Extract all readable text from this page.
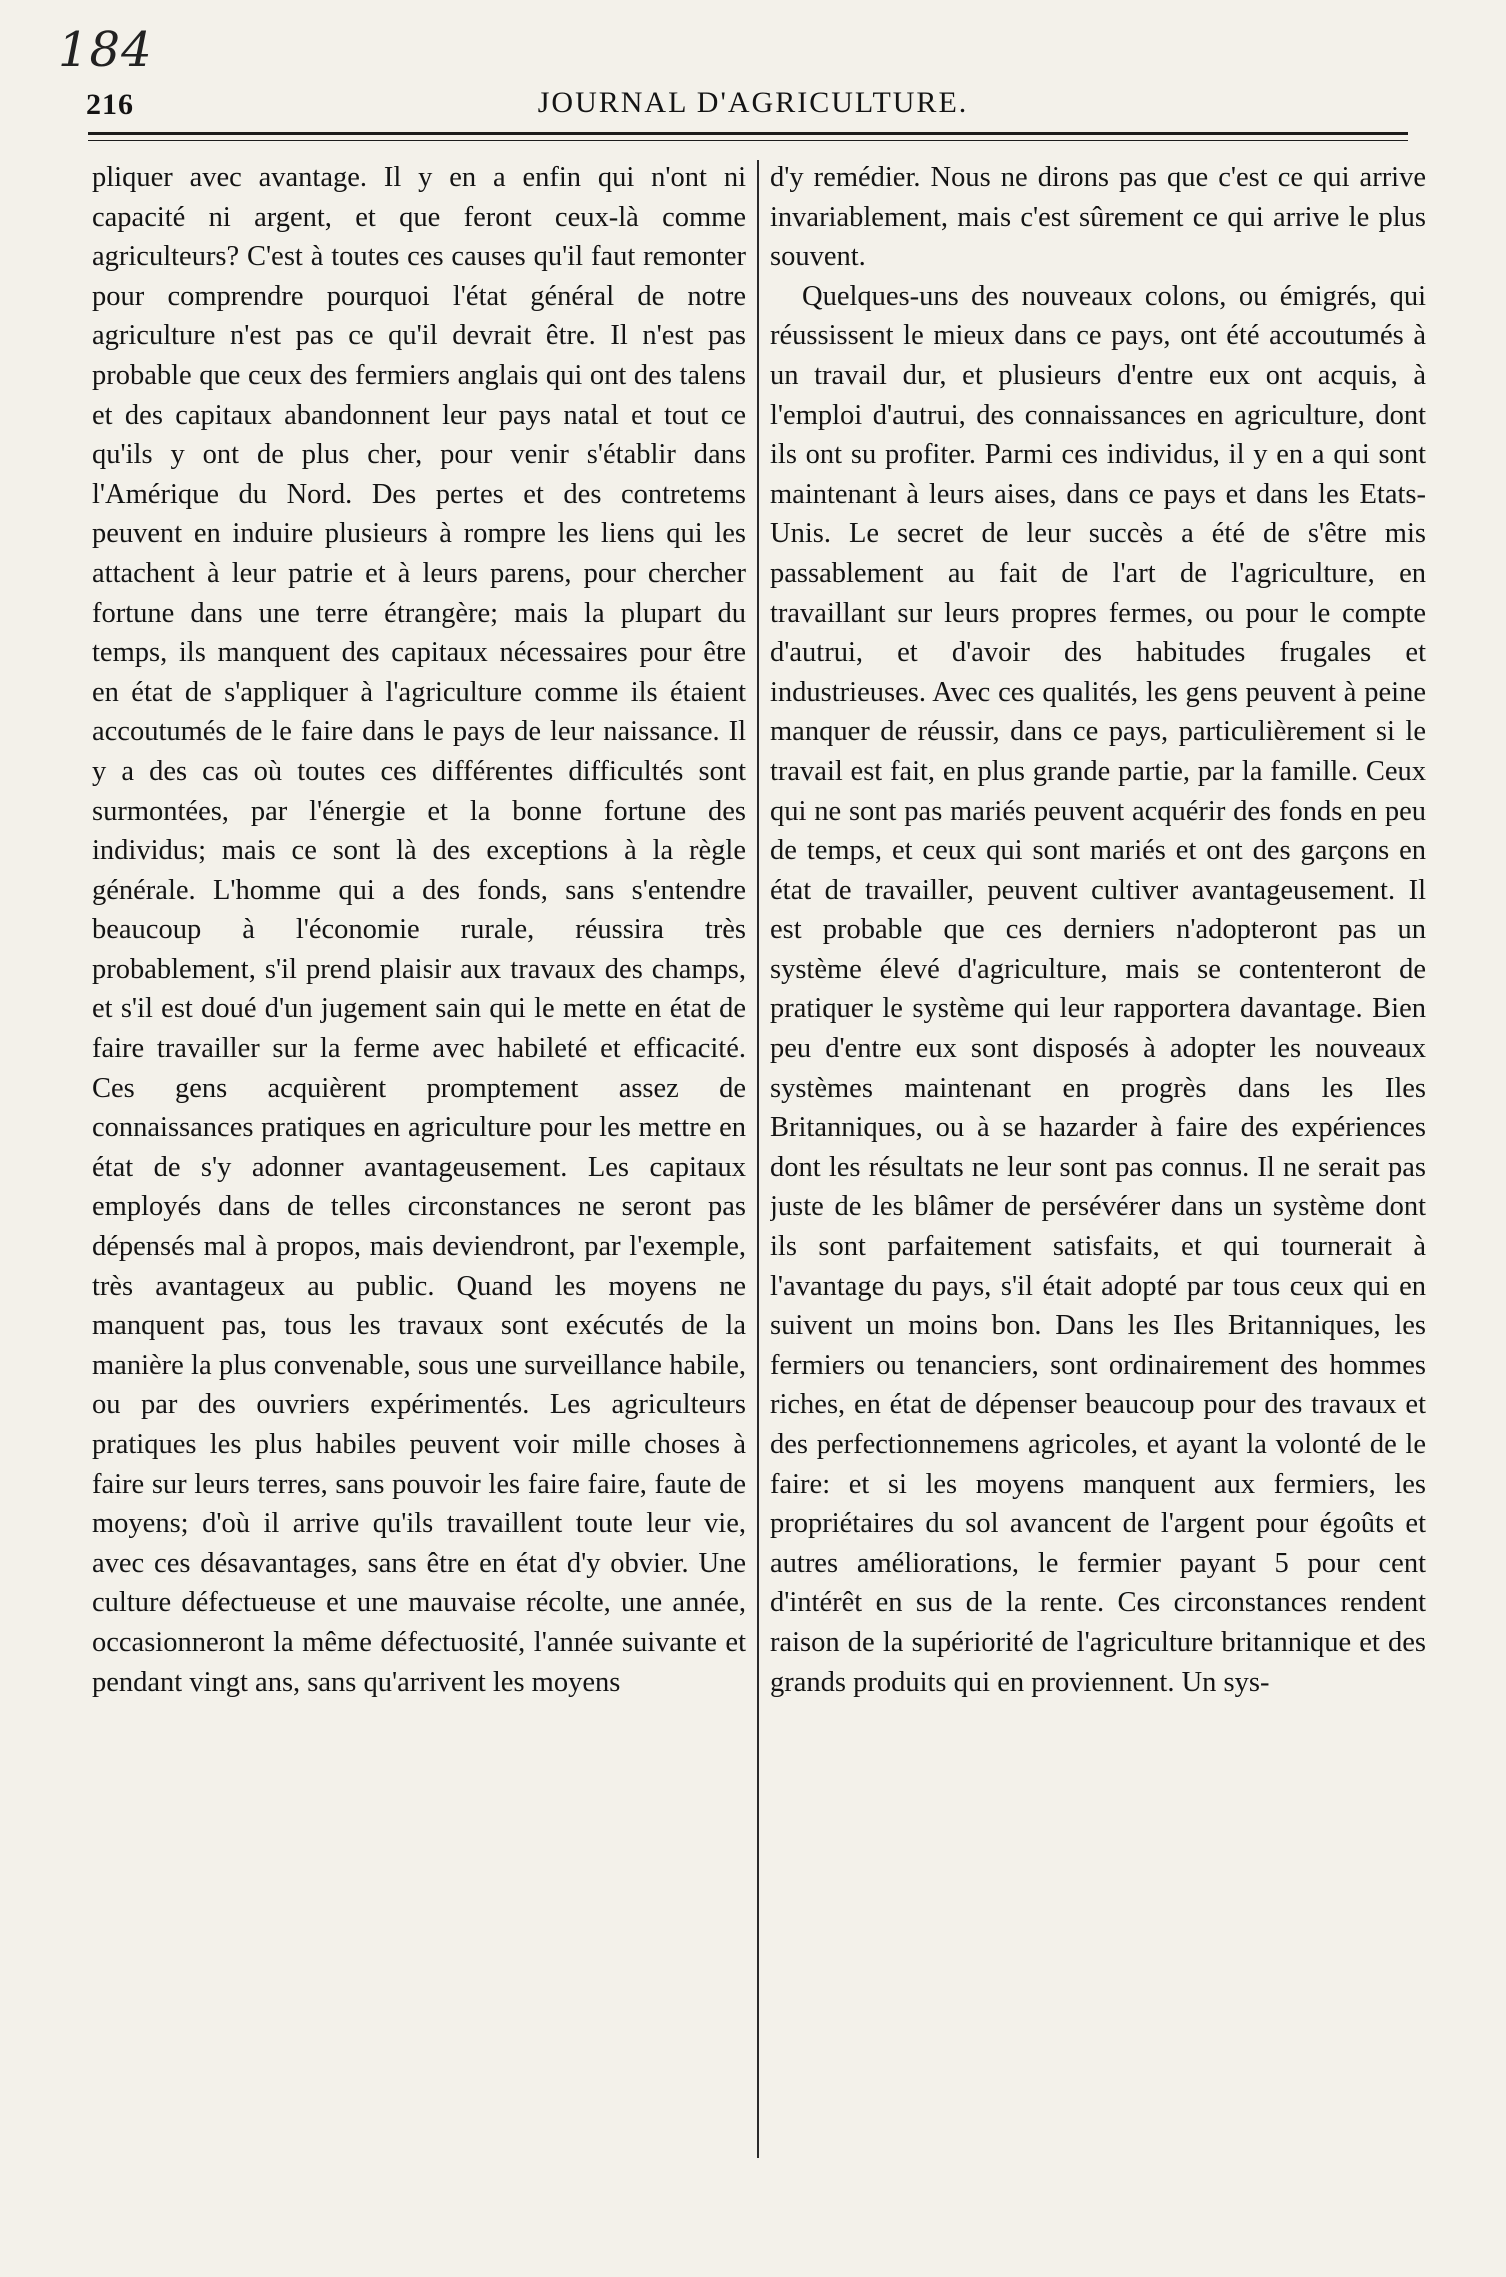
184
216	JOURNAL D'AGRICULTURE.

pliquer avec avantage. Il y en a enfin qui n'ont ni capacité ni argent, et que feront ceux-là comme agriculteurs? C'est à toutes ces causes qu'il faut remonter pour comprendre pourquoi l'état général de notre agriculture n'est pas ce qu'il devrait être. Il n'est pas probable que ceux des fermiers anglais qui ont des talens et des capitaux abandonnent leur pays natal et tout ce qu'ils y ont de plus cher, pour venir s'établir dans l'Amérique du Nord. Des pertes et des contretems peuvent en induire plusieurs à rompre les liens qui les attachent à leur patrie et à leurs parens, pour chercher fortune dans une terre étrangère; mais la plupart du temps, ils manquent des capitaux nécessaires pour être en état de s'appliquer à l'agriculture comme ils étaient accoutumés de le faire dans le pays de leur naissance. Il y a des cas où toutes ces différentes difficultés sont surmontées, par l'énergie et la bonne fortune des individus; mais ce sont là des exceptions à la règle générale. L'homme qui a des fonds, sans s'entendre beaucoup à l'économie rurale, réussira très probablement, s'il prend plaisir aux travaux des champs, et s'il est doué d'un jugement sain qui le mette en état de faire travailler sur la ferme avec habileté et efficacité. Ces gens acquièrent promptement assez de connaissances pratiques en agriculture pour les mettre en état de s'y adonner avantageusement. Les capitaux employés dans de telles circonstances ne seront pas dépensés mal à propos, mais deviendront, par l'exemple, très avantageux au public. Quand les moyens ne manquent pas, tous les travaux sont exécutés de la manière la plus convenable, sous une surveillance habile, ou par des ouvriers expérimentés. Les agriculteurs pratiques les plus habiles peuvent voir mille choses à faire sur leurs terres, sans pouvoir les faire faire, faute de moyens; d'où il arrive qu'ils travaillent toute leur vie, avec ces désavantages, sans être en état d'y obvier. Une culture défectueuse et une mauvaise récolte, une année, occasionneront la même défectuosité, l'année suivante et pendant vingt ans, sans qu'arrivent les moyens

d'y remédier. Nous ne dirons pas que c'est ce qui arrive invariablement, mais c'est sûrement ce qui arrive le plus souvent.

Quelques-uns des nouveaux colons, ou émigrés, qui réussissent le mieux dans ce pays, ont été accoutumés à un travail dur, et plusieurs d'entre eux ont acquis, à l'emploi d'autrui, des connaissances en agriculture, dont ils ont su profiter. Parmi ces individus, il y en a qui sont maintenant à leurs aises, dans ce pays et dans les Etats-Unis. Le secret de leur succès a été de s'être mis passablement au fait de l'art de l'agriculture, en travaillant sur leurs propres fermes, ou pour le compte d'autrui, et d'avoir des habitudes frugales et industrieuses. Avec ces qualités, les gens peuvent à peine manquer de réussir, dans ce pays, particulièrement si le travail est fait, en plus grande partie, par la famille. Ceux qui ne sont pas mariés peuvent acquérir des fonds en peu de temps, et ceux qui sont mariés et ont des garçons en état de travailler, peuvent cultiver avantageusement. Il est probable que ces derniers n'adopteront pas un système élevé d'agriculture, mais se contenteront de pratiquer le système qui leur rapportera davantage. Bien peu d'entre eux sont disposés à adopter les nouveaux systèmes maintenant en progrès dans les Iles Britanniques, ou à se hazarder à faire des expériences dont les résultats ne leur sont pas connus. Il ne serait pas juste de les blâmer de persévérer dans un système dont ils sont parfaitement satisfaits, et qui tournerait à l'avantage du pays, s'il était adopté par tous ceux qui en suivent un moins bon. Dans les Iles Britanniques, les fermiers ou tenanciers, sont ordinairement des hommes riches, en état de dépenser beaucoup pour des travaux et des perfectionnemens agricoles, et ayant la volonté de le faire: et si les moyens manquent aux fermiers, les propriétaires du sol avancent de l'argent pour égoûts et autres améliorations, le fermier payant 5 pour cent d'intérêt en sus de la rente. Ces circonstances rendent raison de la supériorité de l'agriculture britannique et des grands produits qui en proviennent. Un sys-
